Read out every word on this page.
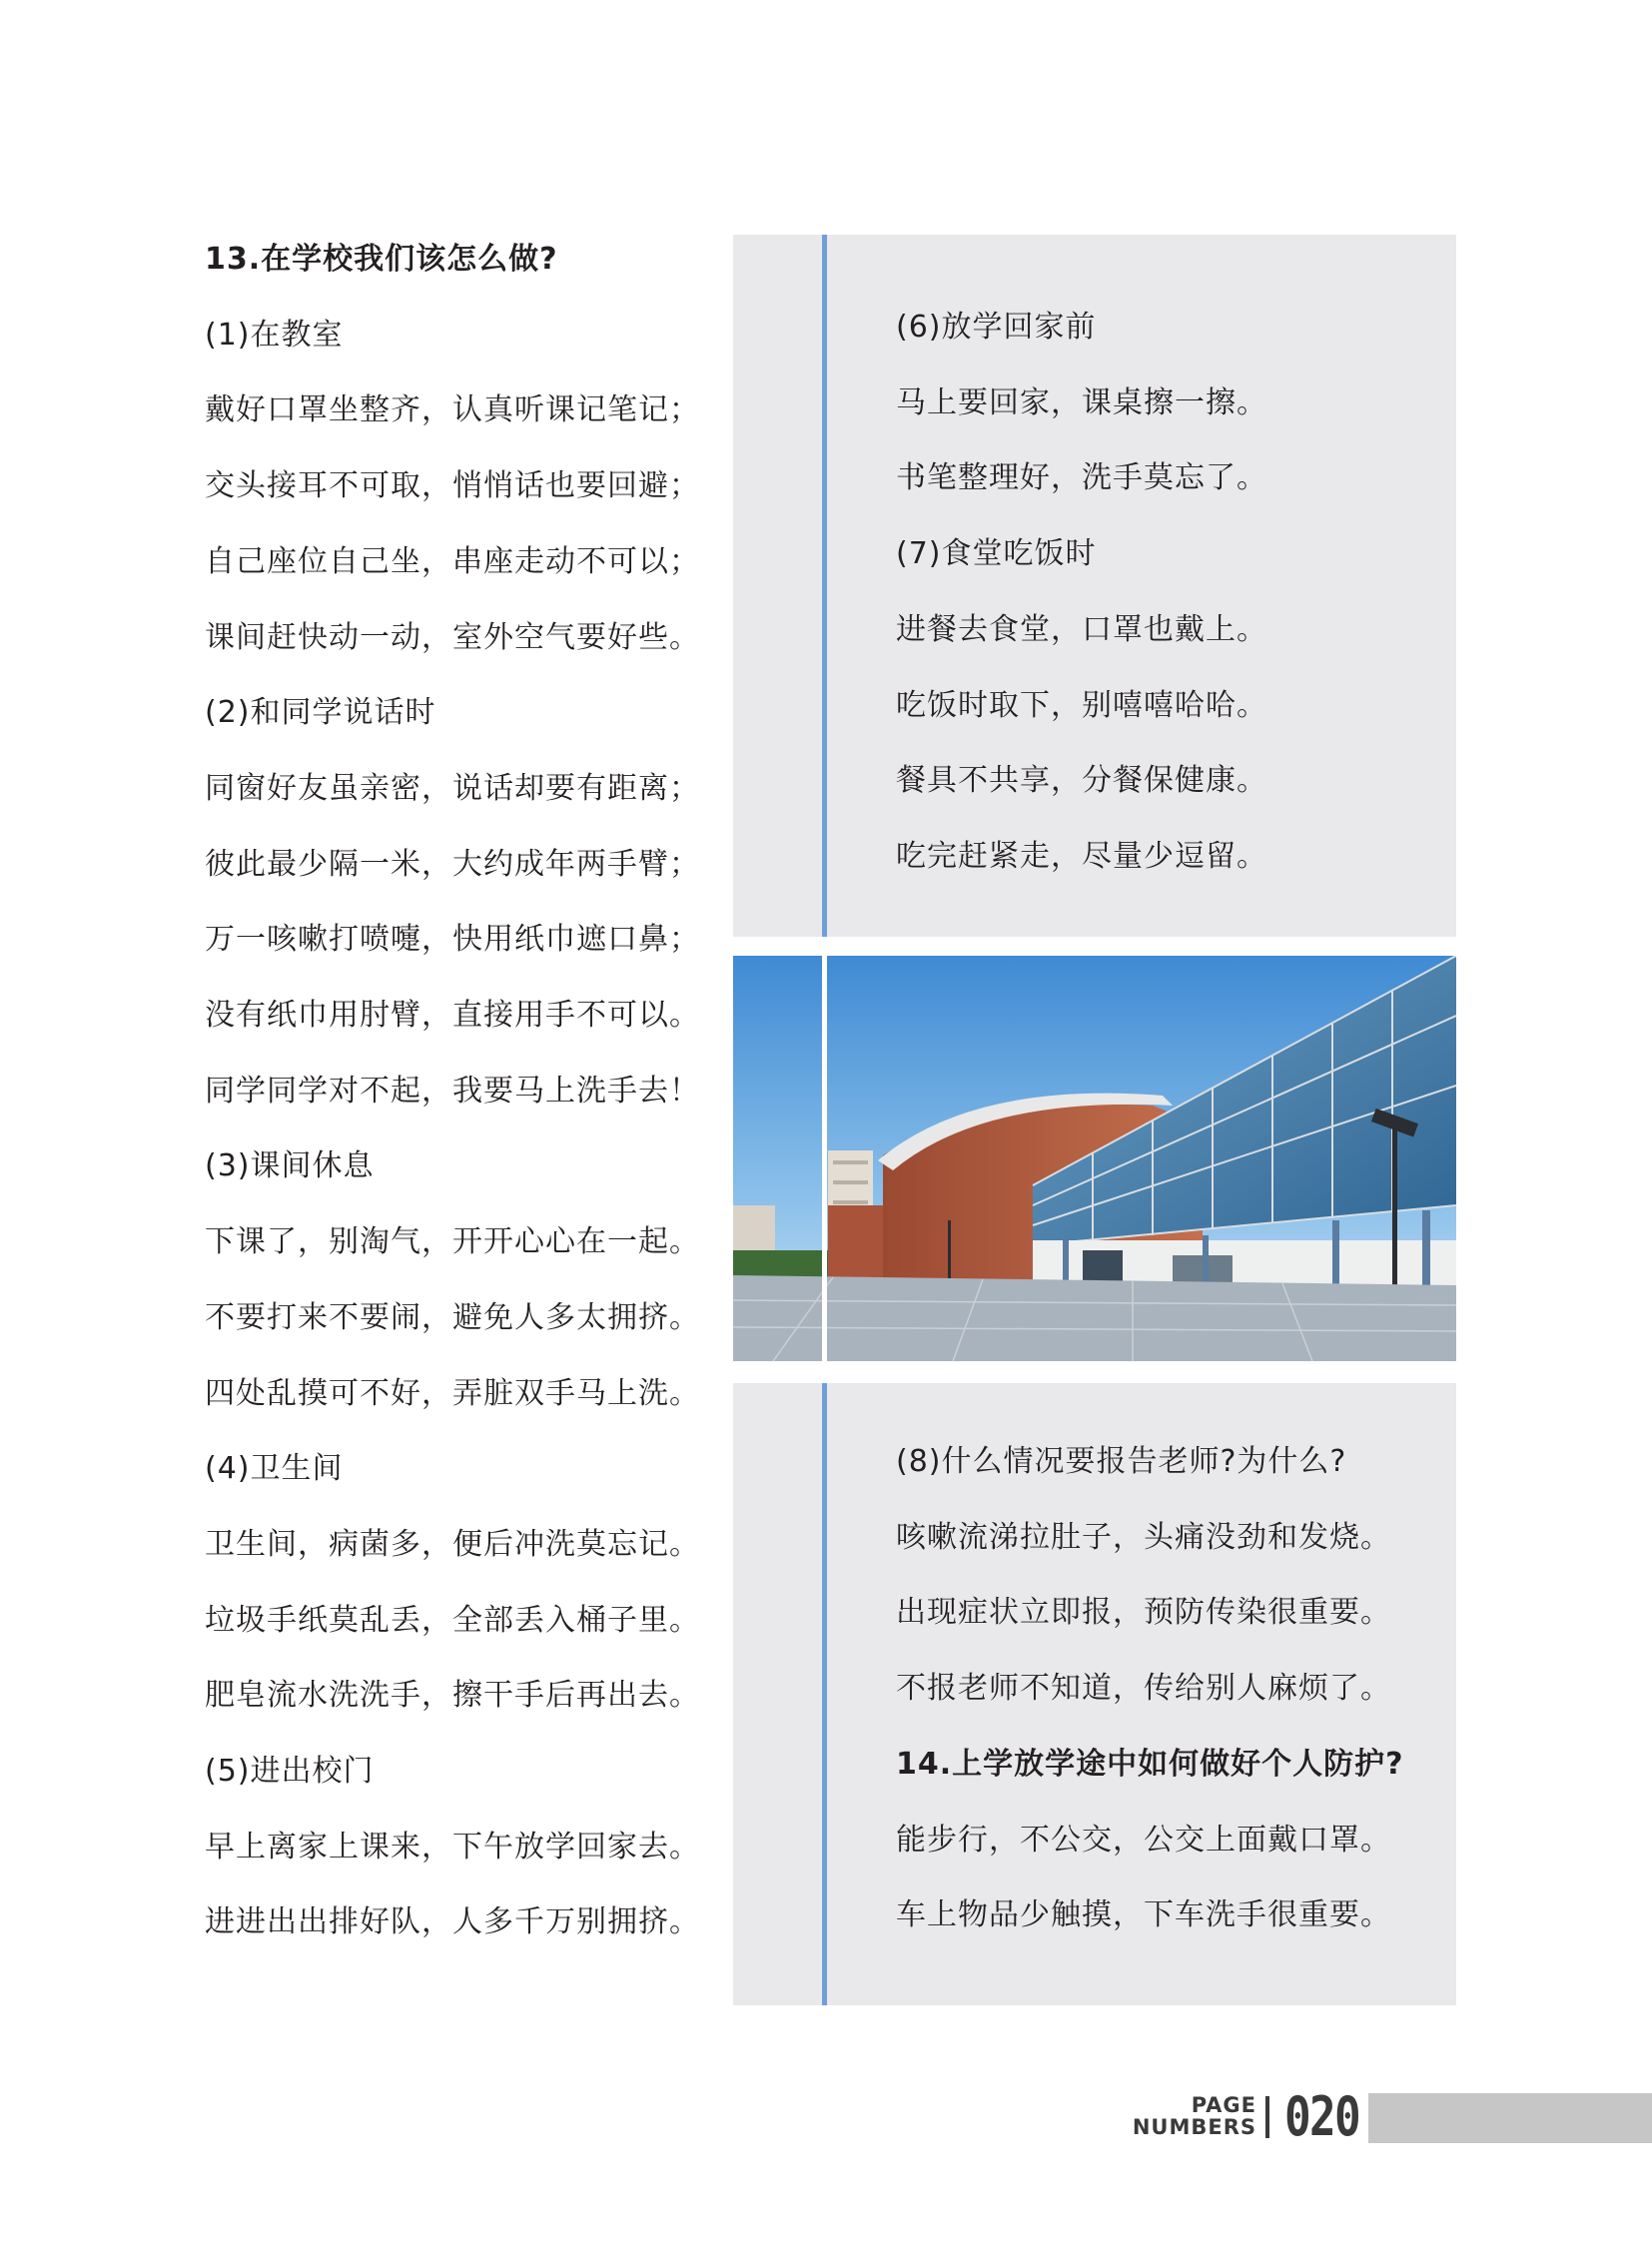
13.在学校我们该怎么做?
(1)在教室
戴好口罩坐整齐，认真听课记笔记；
交头接耳不可取，悄悄话也要回避；
自己座位自己坐，串座走动不可以；
课间赶快动一动，室外空气要好些。
(2)和同学说话时
同窗好友虽亲密，说话却要有距离；
彼此最少隔一米，大约成年两手臂；
万一咳嗽打喷嚏，快用纸巾遮口鼻；
没有纸巾用肘臂，直接用手不可以。
同学同学对不起，我要马上洗手去！
(3)课间休息
下课了，别淘气，开开心心在一起。
不要打来不要闹，避免人多太拥挤。
四处乱摸可不好，弄脏双手马上洗。
(4)卫生间
卫生间，病菌多，便后冲洗莫忘记。
垃圾手纸莫乱丢，全部丢入桶子里。
肥皂流水洗洗手，擦干手后再出去。
(5)进出校门
早上离家上课来，下午放学回家去。
进进出出排好队，人多千万别拥挤。
(6)放学回家前
马上要回家，课桌擦一擦。
书笔整理好，洗手莫忘了。
(7)食堂吃饭时
进餐去食堂，口罩也戴上。
吃饭时取下，别嘻嘻哈哈。
餐具不共享，分餐保健康。
吃完赶紧走，尽量少逗留。
(8)什么情况要报告老师?为什么?
咳嗽流涕拉肚子，头痛没劲和发烧。
出现症状立即报，预防传染很重要。
不报老师不知道，传给别人麻烦了。
14.上学放学途中如何做好个人防护?
能步行，不公交，公交上面戴口罩。
车上物品少触摸，下车洗手很重要。
PAGE
NUMBERS 020
